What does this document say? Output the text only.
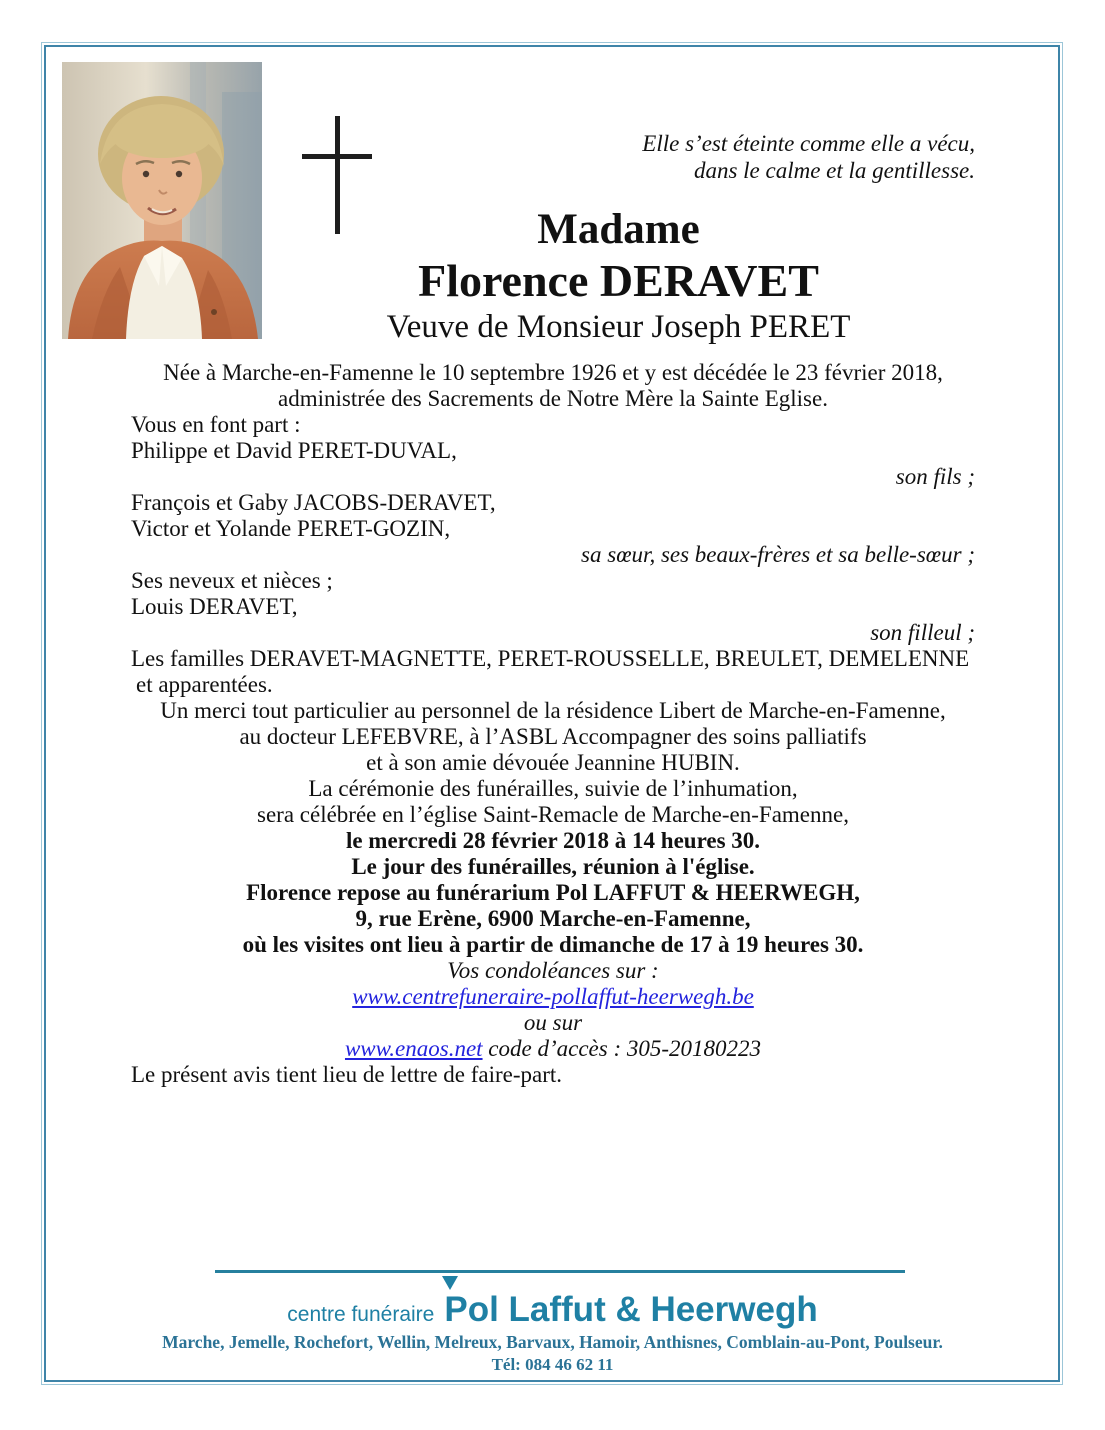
Elle s’est éteinte comme elle a vécu,
dans le calme et la gentillesse.
Madame
Florence DERAVET
Veuve de Monsieur Joseph PERET

Née à Marche-en-Famenne le 10 septembre 1926 et y est décédée le 23 février 2018,

administrée des Sacrements de Notre Mère la Sainte Eglise.

Vous en font part :

Philippe et David PERET-DUVAL,

son fils ;

François et Gaby JACOBS-DERAVET,

Victor et Yolande PERET-GOZIN,

sa sœur, ses beaux-frères et sa belle-sœur ;

Ses neveux et nièces ;

Louis DERAVET,

son filleul ;

Les familles DERAVET-MAGNETTE, PERET-ROUSSELLE, BREULET, DEMELENNE

et apparentées.

Un merci tout particulier au personnel de la résidence Libert de Marche-en-Famenne,

au docteur LEFEBVRE, à l’ASBL Accompagner des soins palliatifs

et à son amie dévouée Jeannine HUBIN.

La cérémonie des funérailles, suivie de l’inhumation,

sera célébrée en l’église Saint-Remacle de Marche-en-Famenne,

le mercredi 28 février 2018 à 14 heures 30.

Le jour des funérailles, réunion à l'église.

Florence repose au funérarium Pol LAFFUT & HEERWEGH,

9, rue Erène, 6900 Marche-en-Famenne,

où les visites ont lieu à partir de dimanche de 17 à 19 heures 30.

Vos condoléances sur :

www.centrefuneraire-pollaffut-heerwegh.be

ou sur

www.enaos.net code d’accès : 305-20180223

Le présent avis tient lieu de lettre de faire-part.

centre funéraire Pol Laffut & Heerwegh
Marche, Jemelle, Rochefort, Wellin, Melreux, Barvaux, Hamoir, Anthisnes, Comblain-au-Pont, Poulseur.
Tél: 084 46 62 11
